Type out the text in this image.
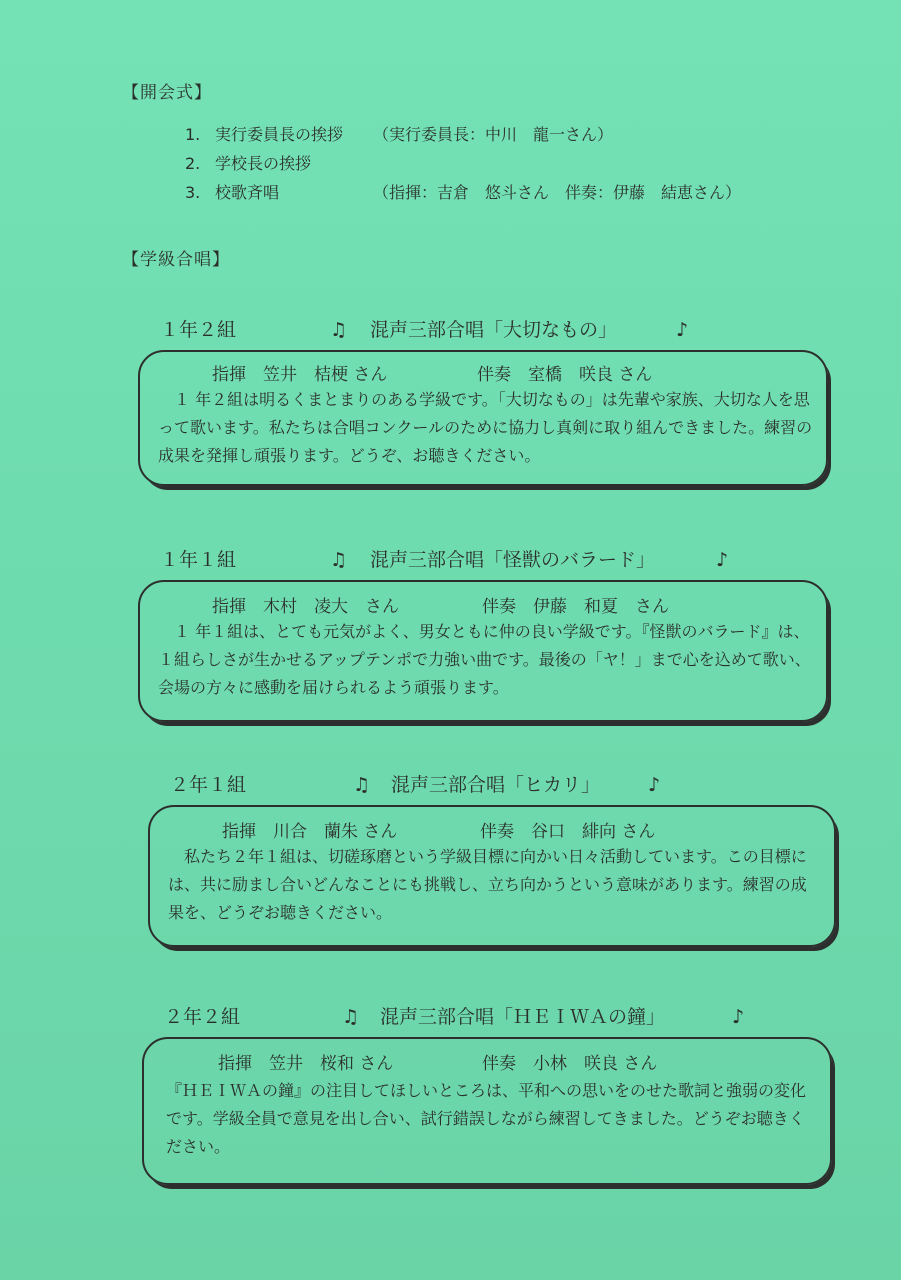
【開会式】
1. 実行委員長の挨拶 （実行委員長：中川　龍一さん）
2. 学校長の挨拶
3. 校歌斉唱	（指揮：吉倉　悠斗さん　伴奏：伊藤　結恵さん）
【学級合唱】
１年２組	♫ 混声三部合唱「大切なもの」	♪
指揮　笠井　桔梗 さん	伴奏　室橋　咲良 さん

　１ 年２組は明るくまとまりのある学級です。「大切なもの」は先輩や家族、大切な人を思って歌います。私たちは合唱コンクールのために協力し真剣に取り組んできました。練習の成果を発揮し頑張ります。どうぞ、お聴きください。

１年１組	♫ 混声三部合唱「怪獣のバラード」	♪
指揮　木村　凌大　さん	伴奏　伊藤　和夏　さん

　１ 年１組は、とても元気がよく、男女ともに仲の良い学級です。『怪獣のバラード』は、１組らしさが生かせるアップテンポで力強い曲です。最後の「ヤ！」まで心を込めて歌い、会場の方々に感動を届けられるよう頑張ります。

２年１組	♫ 混声三部合唱「ヒカリ」	♪
指揮　川合　蘭朱 さん	伴奏　谷口　緋向 さん

　私たち２年１組は、切磋琢磨という学級目標に向かい日々活動しています。この目標には、共に励まし合いどんなことにも挑戦し、立ち向かうという意味があります。練習の成果を、どうぞお聴きください。

２年２組	♫ 混声三部合唱「ＨＥＩＷＡの鐘」	♪
指揮　笠井　桜和 さん	伴奏　小林　咲良 さん

『ＨＥＩＷＡの鐘』の注目してほしいところは、平和への思いをのせた歌詞と強弱の変化です。学級全員で意見を出し合い、試行錯誤しながら練習してきました。どうぞお聴きください。
